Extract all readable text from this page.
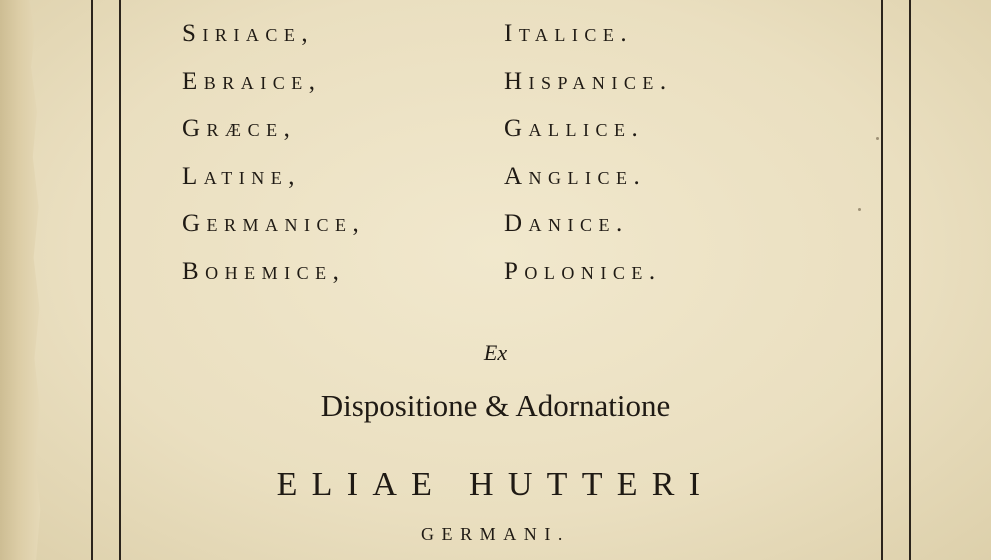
Siriace,
Ebraice,
Græce,
Latine,
Germanice,
Bohemice,
Italice.
Hispanice.
Gallice.
Anglice.
Danice.
Polonice.
Ex
Dispositione & Adornatione
ELIAE HUTTERI
GERMANI.
